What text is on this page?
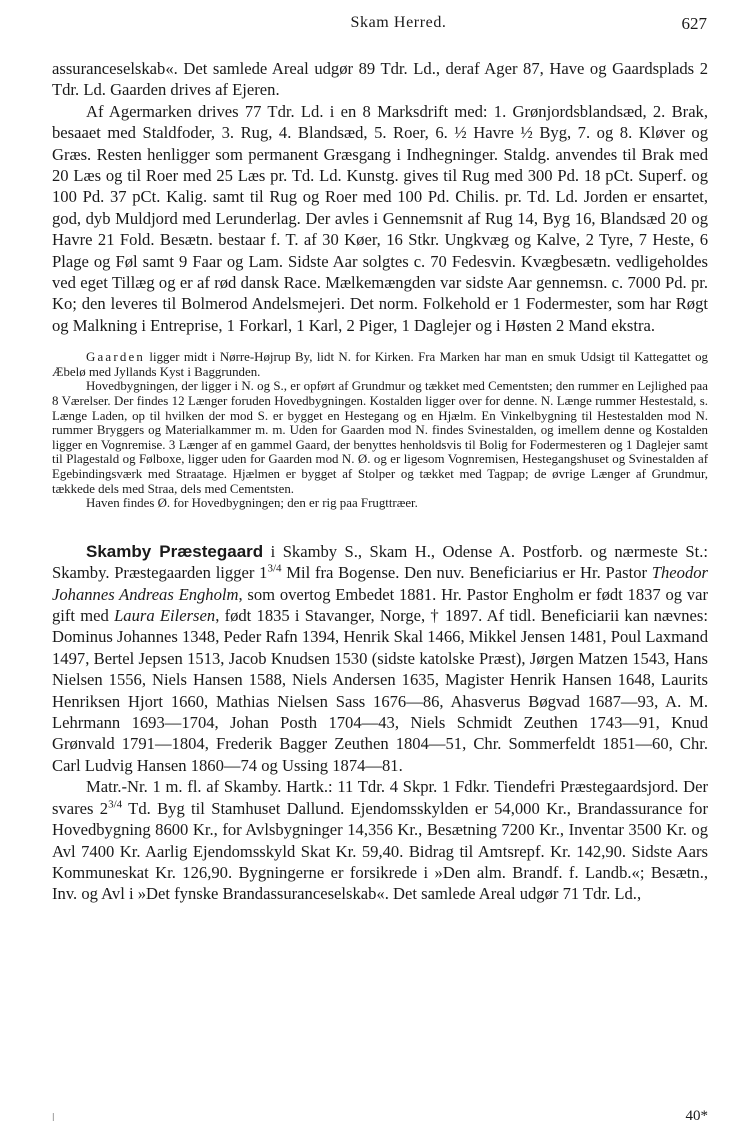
Skam Herred.	627

assuranceselskab«. Det samlede Areal udgør 89 Tdr. Ld., deraf Ager 87, Have og Gaardsplads 2 Tdr. Ld. Gaarden drives af Ejeren.

Af Agermarken drives 77 Tdr. Ld. i en 8 Marksdrift med: 1. Grønjordsblandsæd, 2. Brak, besaaet med Staldfoder, 3. Rug, 4. Blandsæd, 5. Roer, 6. ½ Havre ½ Byg, 7. og 8. Kløver og Græs. Resten henligger som permanent Græsgang i Indhegninger. Staldg. anvendes til Brak med 20 Læs og til Roer med 25 Læs pr. Td. Ld. Kunstg. gives til Rug med 300 Pd. 18 pCt. Superf. og 100 Pd. 37 pCt. Kalig. samt til Rug og Roer med 100 Pd. Chilis. pr. Td. Ld. Jorden er ensartet, god, dyb Muldjord med Lerunderlag. Der avles i Gennemsnit af Rug 14, Byg 16, Blandsæd 20 og Havre 21 Fold. Besætn. bestaar f. T. af 30 Køer, 16 Stkr. Ungkvæg og Kalve, 2 Tyre, 7 Heste, 6 Plage og Føl samt 9 Faar og Lam. Sidste Aar solgtes c. 70 Fedesvin. Kvægbesætn. vedligeholdes ved eget Tillæg og er af rød dansk Race. Mælkemængden var sidste Aar gennemsn. c. 7000 Pd. pr. Ko; den leveres til Bolmerod Andelsmejeri. Det norm. Folkehold er 1 Fodermester, som har Røgt og Malkning i Entreprise, 1 Forkarl, 1 Karl, 2 Piger, 1 Daglejer og i Høsten 2 Mand ekstra.

Gaarden ligger midt i Nørre-Højrup By, lidt N. for Kirken. Fra Marken har man en smuk Udsigt til Kattegattet og Æbelø med Jyllands Kyst i Baggrunden.

Hovedbygningen, der ligger i N. og S., er opført af Grundmur og tækket med Cementsten; den rummer en Lejlighed paa 8 Værelser. Der findes 12 Længer foruden Hovedbygningen. Kostalden ligger over for denne. N. Længe rummer Hestestald, s. Længe Laden, op til hvilken der mod S. er bygget en Hestegang og en Hjælm. En Vinkelbygning til Hestestalden mod N. rummer Bryggers og Materialkammer m. m. Uden for Gaarden mod N. findes Svinestalden, og imellem denne og Kostalden ligger en Vognremise. 3 Længer af en gammel Gaard, der benyttes henholdsvis til Bolig for Fodermesteren og 1 Daglejer samt til Plagestald og Følboxe, ligger uden for Gaarden mod N. Ø. og er ligesom Vognremisen, Hestegangshuset og Svinestalden af Egebindingsværk med Straatage. Hjælmen er bygget af Stolper og tækket med Tagpap; de øvrige Længer af Grundmur, tækkede dels med Straa, dels med Cementsten.

Haven findes Ø. for Hovedbygningen; den er rig paa Frugttræer.

Skamby Præstegaard i Skamby S., Skam H., Odense A. Postforb. og nærmeste St.: Skamby. Præstegaarden ligger $1^{3/4}$ Mil fra Bogense. Den nuv. Beneficiarius er Hr. Pastor Theodor Johannes Andreas Engholm, som overtog Embedet 1881. Hr. Pastor Engholm er født 1837 og var gift med Laura Eilersen, født 1835 i Stavanger, Norge, † 1897. Af tidl. Beneficiarii kan nævnes: Dominus Johannes 1348, Peder Rafn 1394, Henrik Skal 1466, Mikkel Jensen 1481, Poul Laxmand 1497, Bertel Jepsen 1513, Jacob Knudsen 1530 (sidste katolske Præst), Jørgen Matzen 1543, Hans Nielsen 1556, Niels Hansen 1588, Niels Andersen 1635, Magister Henrik Hansen 1648, Laurits Henriksen Hjort 1660, Mathias Nielsen Sass 1676—86, Ahasverus Bøgvad 1687—93, A. M. Lehrmann 1693—1704, Johan Posth 1704—43, Niels Schmidt Zeuthen 1743—91, Knud Grønvald 1791—1804, Frederik Bagger Zeuthen 1804—51, Chr. Sommerfeldt 1851—60, Chr. Carl Ludvig Hansen 1860—74 og Ussing 1874—81.

Matr.-Nr. 1 m. fl. af Skamby. Hartk.: 11 Tdr. 4 Skpr. 1 Fdkr. Tiendefri Præstegaardsjord. Der svares $2^{3/4}$ Td. Byg til Stamhuset Dallund. Ejendomsskylden er 54,000 Kr., Brandassurance for Hovedbygning 8600 Kr., for Avlsbygninger 14,356 Kr., Besætning 7200 Kr., Inventar 3500 Kr. og Avl 7400 Kr. Aarlig Ejendomsskyld Skat Kr. 59,40. Bidrag til Amtsrepf. Kr. 142,90. Sidste Aars Kommuneskat Kr. 126,90. Bygningerne er forsikrede i »Den alm. Brandf. f. Landb.«; Besætn., Inv. og Avl i »Det fynske Brandassuranceselskab«. Det samlede Areal udgør 71 Tdr. Ld.,

ǀ	40*
